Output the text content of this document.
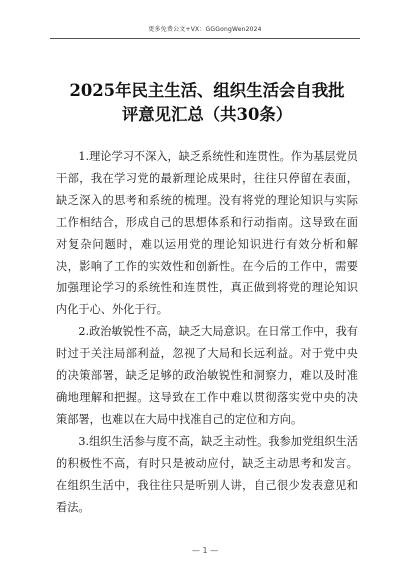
更多免费公文+VX：GGGongWen2024
2025年民主生活、组织生活会自我批
评意见汇总（共30条）

1.理论学习不深入，缺乏系统性和连贯性。作为基层党员干部，我在学习党的最新理论成果时，往往只停留在表面，缺乏深入的思考和系统的梳理。没有将党的理论知识与实际工作相结合，形成自己的思想体系和行动指南。这导致在面对复杂问题时，难以运用党的理论知识进行有效分析和解决，影响了工作的实效性和创新性。在今后的工作中，需要加强理论学习的系统性和连贯性，真正做到将党的理论知识内化于心、外化于行。

2.政治敏锐性不高，缺乏大局意识。在日常工作中，我有时过于关注局部利益，忽视了大局和长远利益。对于党中央的决策部署，缺乏足够的政治敏锐性和洞察力，难以及时准确地理解和把握。这导致在工作中难以贯彻落实党中央的决策部署，也难以在大局中找准自己的定位和方向。

3.组织生活参与度不高，缺乏主动性。我参加党组织生活的积极性不高，有时只是被动应付，缺乏主动思考和发言。在组织生活中，我往往只是听别人讲，自己很少发表意见和看法。

— 1 —
